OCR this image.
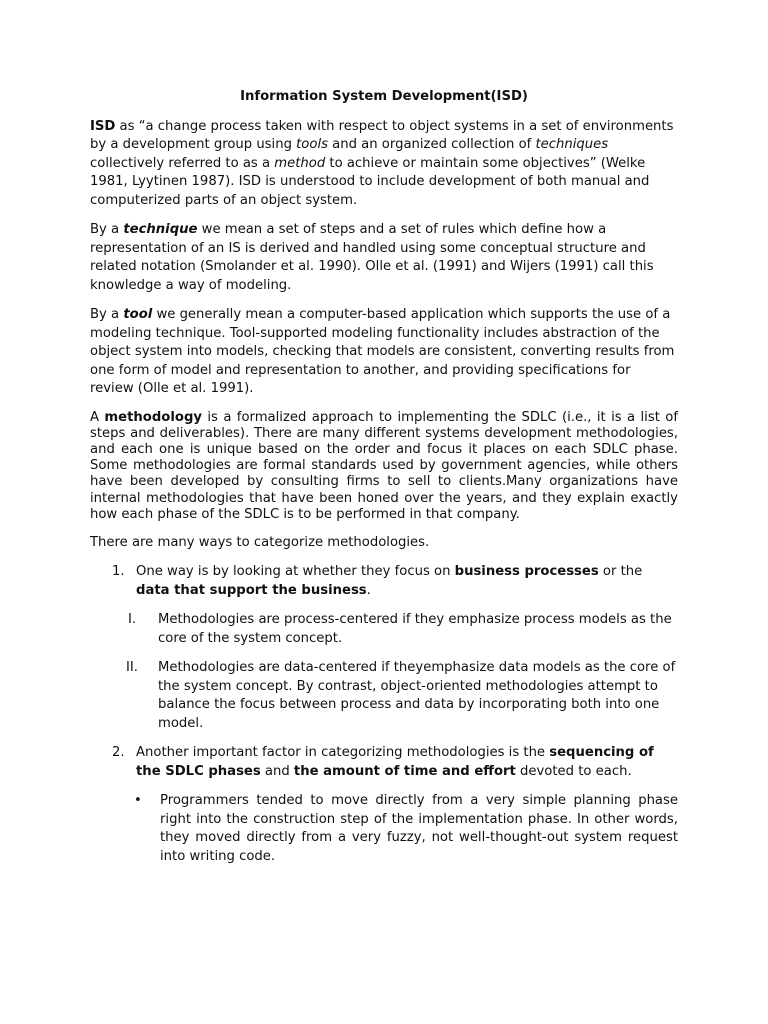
Information System Development(ISD)

ISD as “a change process taken with respect to object systems in a set of environments by a development group using tools and an organized collection of techniques collectively referred to as a method to achieve or maintain some objectives” (Welke 1981, Lyytinen 1987). ISD is understood to include development of both manual and computerized parts of an object system.

By a technique we mean a set of steps and a set of rules which define how a representation of an IS is derived and handled using some conceptual structure and related notation (Smolander et al. 1990). Olle et al. (1991) and Wijers (1991) call this knowledge a way of modeling.

By a tool we generally mean a computer-based application which supports the use of a modeling technique. Tool-supported modeling functionality includes abstraction of the object system into models, checking that models are consistent, converting results from one form of model and representation to another, and providing specifications for review (Olle et al. 1991).

A methodology is a formalized approach to implementing the SDLC (i.e., it is a list of steps and deliverables). There are many different systems development methodologies, and each one is unique based on the order and focus it places on each SDLC phase. Some methodologies are formal standards used by government agencies, while others have been developed by consulting firms to sell to clients.Many organizations have internal methodologies that have been honed over the years, and they explain exactly how each phase of the SDLC is to be performed in that company.

There are many ways to categorize methodologies.

1. One way is by looking at whether they focus on business processes or the data that support the business.
I.	Methodologies are process-centered if they emphasize process models as the core of the system concept.
II.	Methodologies are data-centered if theyemphasize data models as the core of the system concept. By contrast, object-oriented methodologies attempt to balance the focus between process and data by incorporating both into one model.
2. Another important factor in categorizing methodologies is the sequencing of the SDLC phases and the amount of time and effort devoted to each.
• Programmers tended to move directly from a very simple planning phase right into the construction step of the implementation phase. In other words, they moved directly from a very fuzzy, not well-thought-out system request into writing code.
